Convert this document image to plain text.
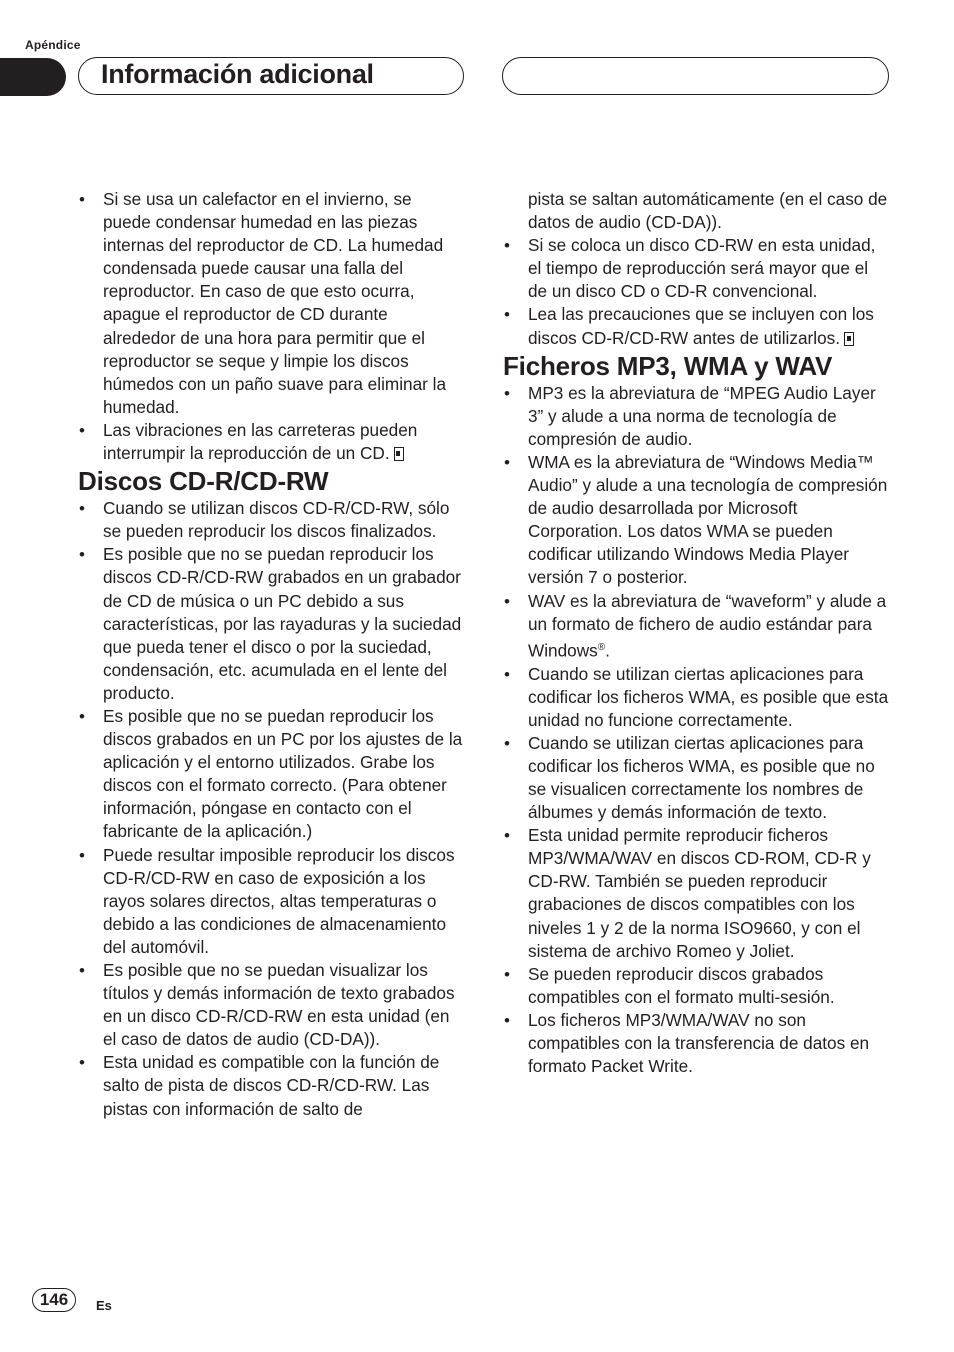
Apéndice
Información adicional
• Si se usa un calefactor en el invierno, se puede condensar humedad en las piezas internas del reproductor de CD. La humedad condensada puede causar una falla del reproductor. En caso de que esto ocurra, apague el reproductor de CD durante alrededor de una hora para permitir que el reproductor se seque y limpie los discos húmedos con un paño suave para eliminar la humedad.
• Las vibraciones en las carreteras pueden interrumpir la reproducción de un CD.
Discos CD-R/CD-RW
• Cuando se utilizan discos CD-R/CD-RW, sólo se pueden reproducir los discos finalizados.
• Es posible que no se puedan reproducir los discos CD-R/CD-RW grabados en un grabador de CD de música o un PC debido a sus características, por las rayaduras y la suciedad que pueda tener el disco o por la suciedad, condensación, etc. acumulada en el lente del producto.
• Es posible que no se puedan reproducir los discos grabados en un PC por los ajustes de la aplicación y el entorno utilizados. Grabe los discos con el formato correcto. (Para obtener información, póngase en contacto con el fabricante de la aplicación.)
• Puede resultar imposible reproducir los discos CD-R/CD-RW en caso de exposición a los rayos solares directos, altas temperaturas o debido a las condiciones de almacenamiento del automóvil.
• Es posible que no se puedan visualizar los títulos y demás información de texto grabados en un disco CD-R/CD-RW en esta unidad (en el caso de datos de audio (CD-DA)).
• Esta unidad es compatible con la función de salto de pista de discos CD-R/CD-RW. Las pistas con información de salto de

pista se saltan automáticamente (en el caso de datos de audio (CD-DA)).

• Si se coloca un disco CD-RW en esta unidad, el tiempo de reproducción será mayor que el de un disco CD o CD-R convencional.
• Lea las precauciones que se incluyen con los discos CD-R/CD-RW antes de utilizarlos.
Ficheros MP3, WMA y WAV
• MP3 es la abreviatura de “MPEG Audio Layer 3” y alude a una norma de tecnología de compresión de audio.
• WMA es la abreviatura de “Windows Media™ Audio” y alude a una tecnología de compresión de audio desarrollada por Microsoft Corporation. Los datos WMA se pueden codificar utilizando Windows Media Player versión 7 o posterior.
• WAV es la abreviatura de “waveform” y alude a un formato de fichero de audio estándar para Windows®.
• Cuando se utilizan ciertas aplicaciones para codificar los ficheros WMA, es posible que esta unidad no funcione correctamente.
• Cuando se utilizan ciertas aplicaciones para codificar los ficheros WMA, es posible que no se visualicen correctamente los nombres de álbumes y demás información de texto.
• Esta unidad permite reproducir ficheros MP3/WMA/WAV en discos CD-ROM, CD-R y CD-RW. También se pueden reproducir grabaciones de discos compatibles con los niveles 1 y 2 de la norma ISO9660, y con el sistema de archivo Romeo y Joliet.
• Se pueden reproducir discos grabados compatibles con el formato multi-sesión.
• Los ficheros MP3/WMA/WAV no son compatibles con la transferencia de datos en formato Packet Write.
146	Es
